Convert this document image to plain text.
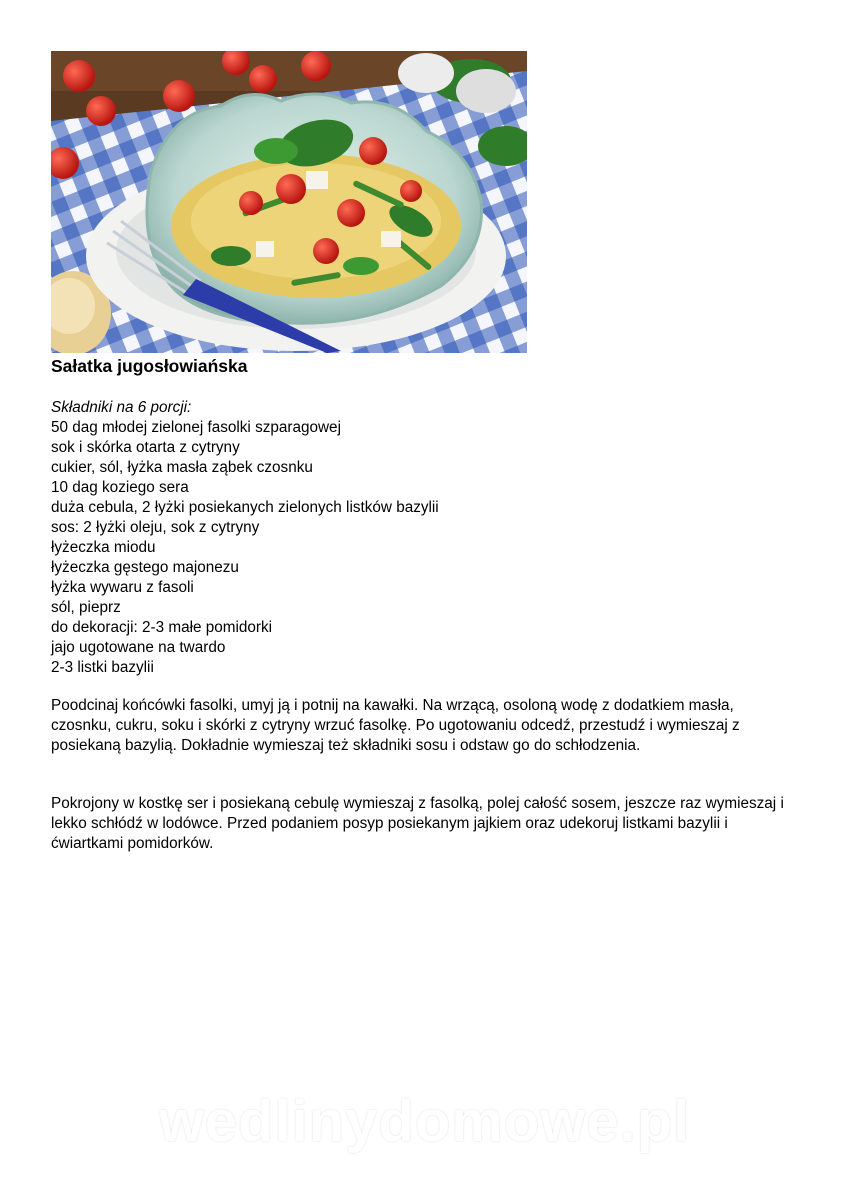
Sałatka jugosłowiańska
Składniki na 6 porcji:
50 dag młodej zielonej fasolki szparagowej
sok i skórka otarta z cytryny
cukier, sól, łyżka masła ząbek czosnku
10 dag koziego sera
duża cebula, 2 łyżki posiekanych zielonych listków bazylii
sos: 2 łyżki oleju, sok z cytryny
łyżeczka miodu
łyżeczka gęstego majonezu
łyżka wywaru z fasoli
sól, pieprz
do dekoracji: 2-3 małe pomidorki
jajo ugotowane na twardo
2-3 listki bazylii
Poodcinaj końcówki fasolki, umyj ją i potnij na kawałki. Na wrzącą, osoloną wodę z dodatkiem masła, czosnku, cukru, soku i skórki z cytryny wrzuć fasolkę. Po ugotowaniu odcedź, przestudź i wymieszaj z posiekaną bazylią. Dokładnie wymieszaj też składniki sosu i odstaw go do schłodzenia.
Pokrojony w kostkę ser i posiekaną cebulę wymieszaj z fasolką, polej całość sosem, jeszcze raz wymieszaj i lekko schłódź w lodówce. Przed podaniem posyp posiekanym jajkiem oraz udekoruj listkami bazylii i ćwiartkami pomidorków.
wedlinydomowe.pl
